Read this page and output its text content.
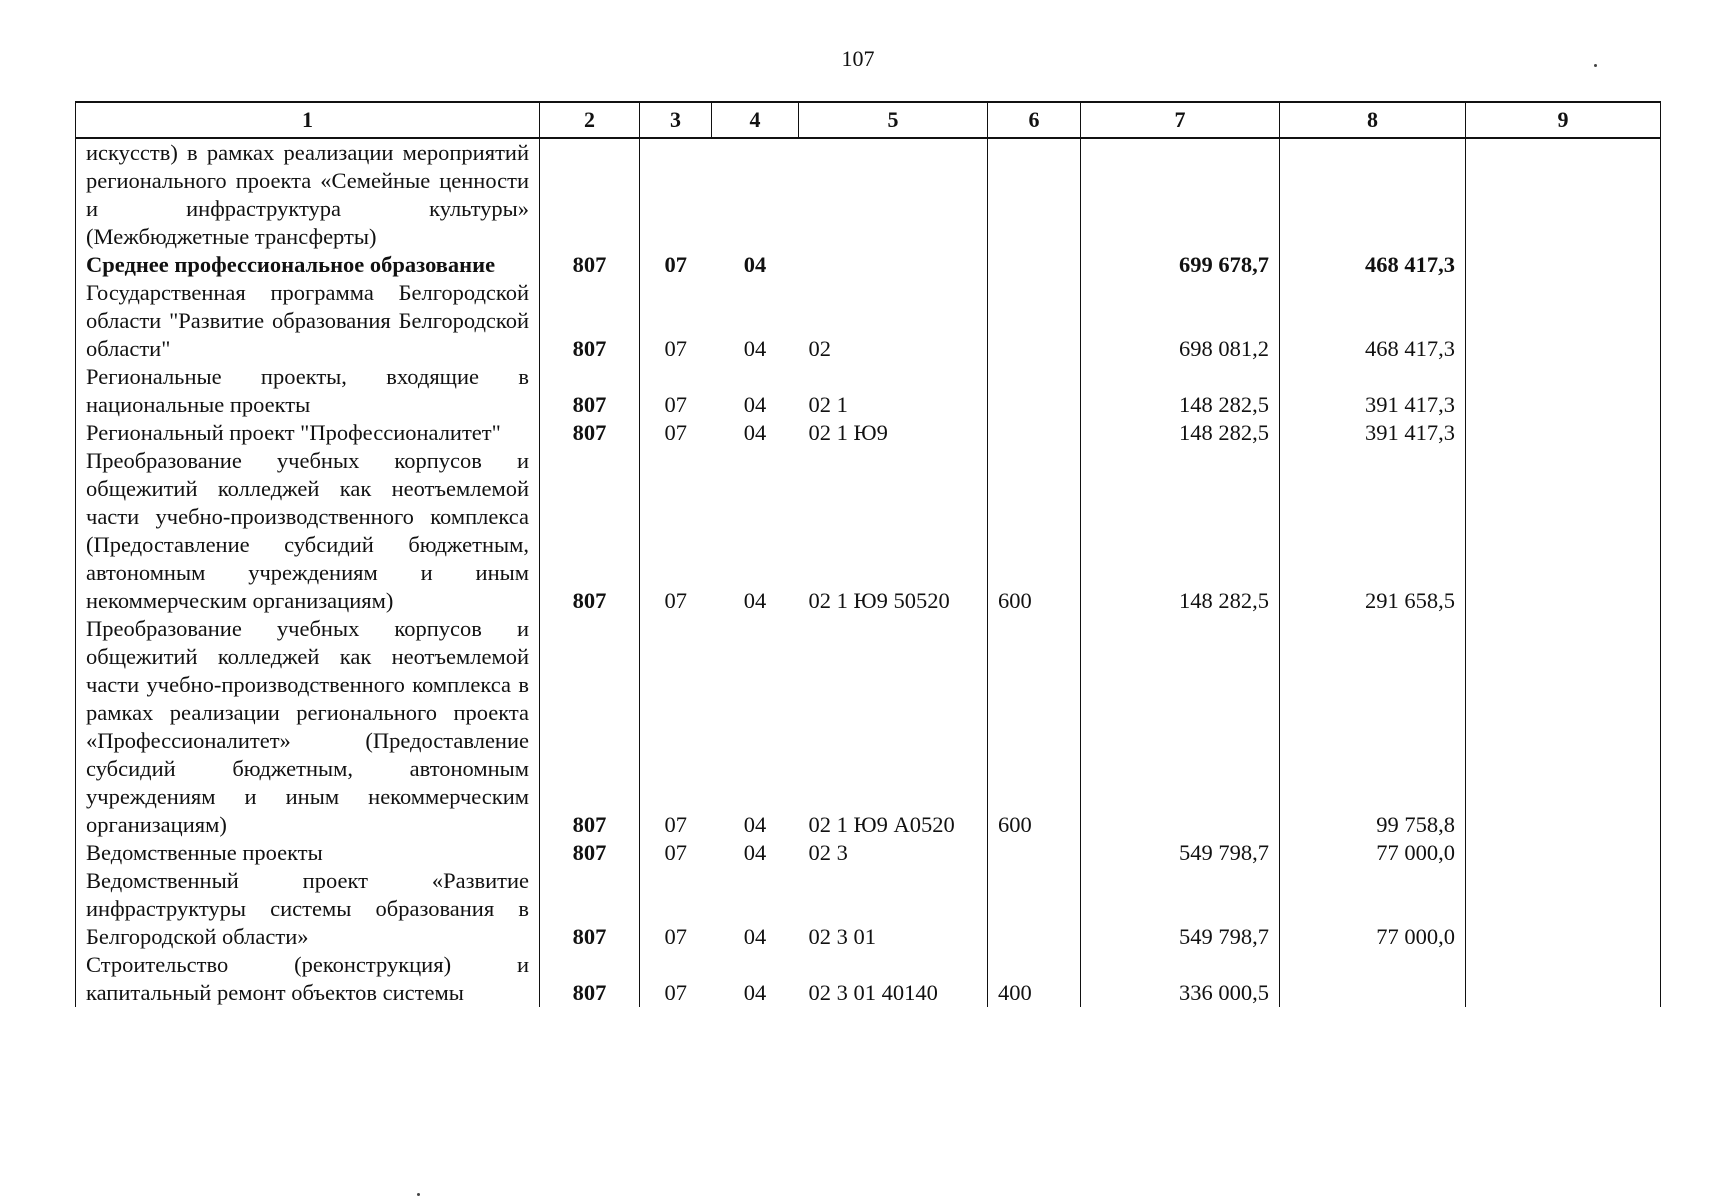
107
1	2	3	4	5	6	7	8	9
искусств) в рамках реализации мероприятий регионального проекта «Семейные ценности и инфраструктура культуры» (Межбюджетные трансферты)								
Среднее профессиональное образование	807	07	04			699 678,7	468 417,3	
Государственная программа Белгородской области "Развитие образования Белгородской области"	807	07	04	02		698 081,2	468 417,3	
Региональные проекты, входящие в национальные проекты	807	07	04	02 1		148 282,5	391 417,3	
Региональный проект "Профессионалитет"	807	07	04	02 1 Ю9		148 282,5	391 417,3	
Преобразование учебных корпусов и общежитий колледжей как неотъемлемой части учебно-производственного комплекса (Предоставление субсидий бюджетным, автономным учреждениям и иным некоммерческим организациям)	807	07	04	02 1 Ю9 50520	600	148 282,5	291 658,5	
Преобразование учебных корпусов и общежитий колледжей как неотъемлемой части учебно-производственного комплекса в рамках реализации регионального проекта «Профессионалитет» (Предоставление субсидий бюджетным, автономным учреждениям и иным некоммерческим организациям)	807	07	04	02 1 Ю9 А0520	600		99 758,8	
Ведомственные проекты	807	07	04	02 3		549 798,7	77 000,0	
Ведомственный проект «Развитие инфраструктуры системы образования в Белгородской области»	807	07	04	02 3 01		549 798,7	77 000,0	
Строительство (реконструкция) и капитальный ремонт объектов системы	807	07	04	02 3 01 40140	400	336 000,5		
